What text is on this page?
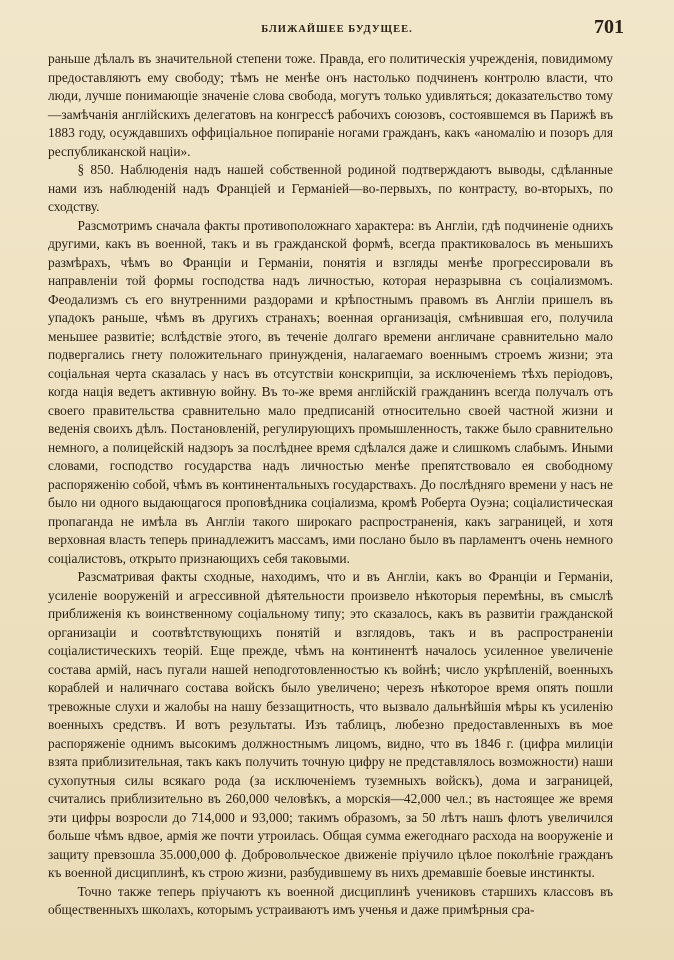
БЛИЖАЙШЕЕ БУДУЩЕЕ.	701

раньше дѣлалъ въ значительной степени тоже. Правда, его политическія учрежденія, повидимому предоставляютъ ему свободу; тѣмъ не менѣе онъ настолько подчиненъ контролю власти, что люди, лучше понимающіе значеніе слова свобода, могутъ только удивляться; доказательство тому—замѣчанія англійскихъ делегатовъ на конгрессѣ рабочихъ союзовъ, состоявшемся въ Парижѣ въ 1883 году, осуждавшихъ оффиціальное попираніе ногами гражданъ, какъ «аномалію и позоръ для республиканской націи».

§ 850. Наблюденія надъ нашей собственной родиной подтверждаютъ выводы, сдѣланные нами изъ наблюденій надъ Франціей и Германіей—во-первыхъ, по контрасту, во-вторыхъ, по сходству.

Разсмотримъ сначала факты противоположнаго характера: въ Англіи, гдѣ подчиненіе однихъ другими, какъ въ военной, такъ и въ гражданской формѣ, всегда практиковалось въ меньшихъ размѣрахъ, чѣмъ во Франціи и Германіи, понятія и взгляды менѣе прогрессировали въ направленіи той формы господства надъ личностью, которая неразрывна съ соціализмомъ. Феодализмъ съ его внутренними раздорами и крѣпостнымъ правомъ въ Англіи пришелъ въ упадокъ раньше, чѣмъ въ другихъ странахъ; военная организація, смѣнившая его, получила меньшее развитіе; вслѣдствіе этого, въ теченіе долгаго времени англичане сравнительно мало подвергались гнету положительнаго принужденія, налагаемаго военнымъ строемъ жизни; эта соціальная черта сказалась у насъ въ отсутствіи конскрипціи, за исключеніемъ тѣхъ періодовъ, когда нація ведетъ активную войну. Въ то-же время англійскій гражданинъ всегда получалъ отъ своего правительства сравнительно мало предписаній относительно своей частной жизни и веденія своихъ дѣлъ. Постановленій, регулирующихъ промышленность, также было сравнительно немного, а полицейскій надзоръ за послѣднее время сдѣлался даже и слишкомъ слабымъ. Иными словами, господство государства надъ личностью менѣе препятствовало ея свободному распоряженію собой, чѣмъ въ континентальныхъ государствахъ. До послѣдняго времени у насъ не было ни одного выдающагося проповѣдника соціализма, кромѣ Роберта Оуэна; соціалистическая пропаганда не имѣла въ Англіи такого широкаго распространенія, какъ заграницей, и хотя верховная власть теперь принадлежитъ массамъ, ими послано было въ парламентъ очень немного соціалистовъ, открыто признающихъ себя таковыми.

Разсматривая факты сходные, находимъ, что и въ Англіи, какъ во Франціи и Германіи, усиленіе вооруженій и агрессивной дѣятельности произвело нѣкоторыя перемѣны, въ смыслѣ приближенія къ воинственному соціальному типу; это сказалось, какъ въ развитіи гражданской организаціи и соотвѣтствующихъ понятій и взглядовъ, такъ и въ распространеніи соціалистическихъ теорій. Еще прежде, чѣмъ на континентѣ началось усиленное увеличеніе состава армій, насъ пугали нашей неподготовленностью къ войнѣ; число укрѣпленій, военныхъ кораблей и наличнаго состава войскъ было увеличено; черезъ нѣкоторое время опять пошли тревожные слухи и жалобы на нашу беззащитность, что вызвало дальнѣйшія мѣры къ усиленію военныхъ средствъ. И вотъ результаты. Изъ таблицъ, любезно предоставленныхъ въ мое распоряженіе однимъ высокимъ должностнымъ лицомъ, видно, что въ 1846 г. (цифра милиціи взята приблизительная, такъ какъ получить точную цифру не представлялось возможности) наши сухопутныя силы всякаго рода (за исключеніемъ туземныхъ войскъ), дома и заграницей, считались приблизительно въ 260,000 человѣкъ, а морскія—42,000 чел.; въ настоящее же время эти цифры возросли до 714,000 и 93,000; такимъ образомъ, за 50 лѣтъ нашъ флотъ увеличился больше чѣмъ вдвое, армія же почти утроилась. Общая сумма ежегоднаго расхода на вооруженіе и защиту превзошла 35.000,000 ф. Добровольческое движеніе пріучило цѣлое поколѣніе гражданъ къ военной дисциплинѣ, къ строю жизни, разбудившему въ нихъ дремавшіе боевые инстинкты.

Точно также теперь пріучаютъ къ военной дисциплинѣ учениковъ старшихъ классовъ въ общественныхъ школахъ, которымъ устраиваютъ имъ ученья и даже примѣрныя сра-
